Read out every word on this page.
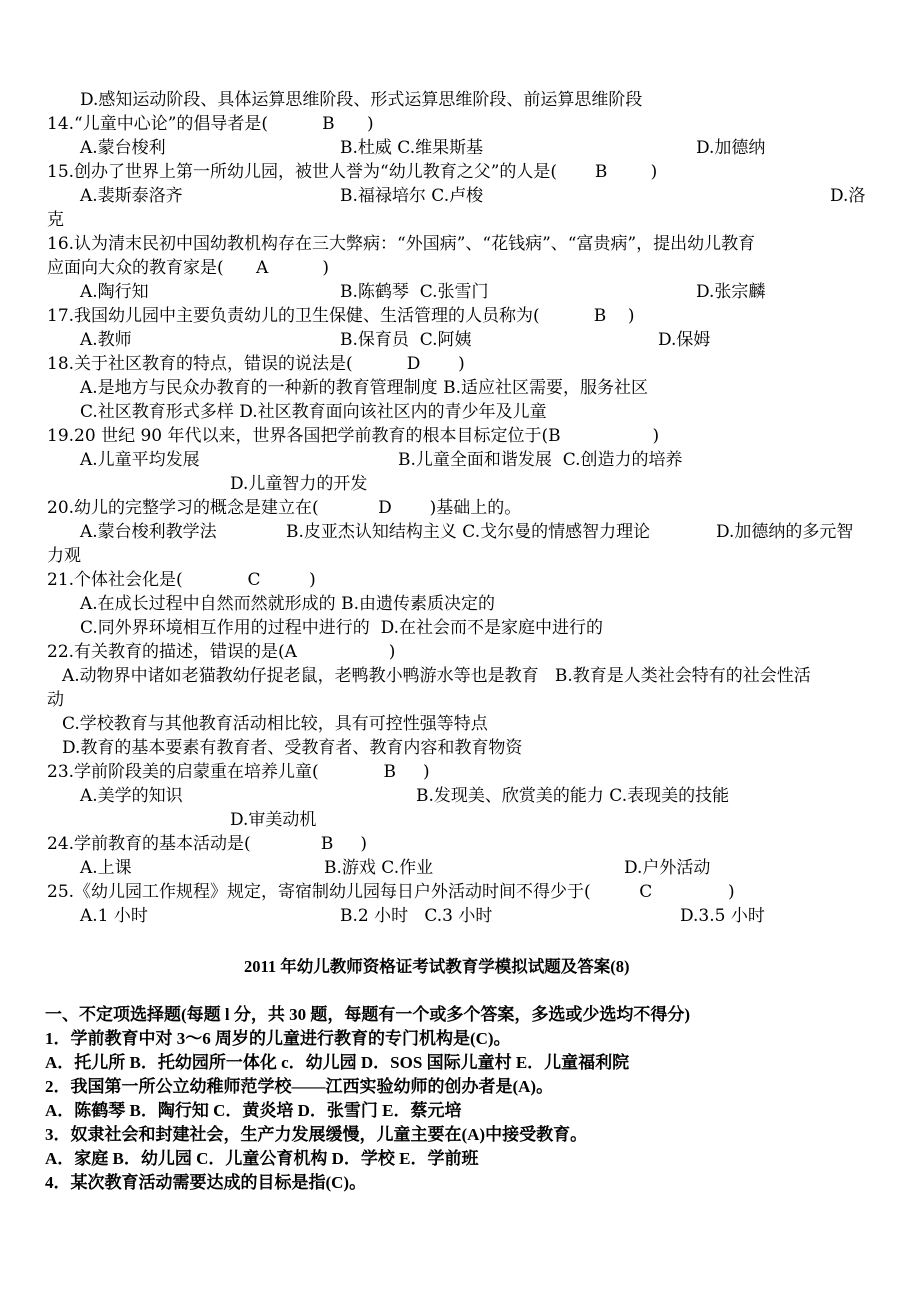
D.感知运动阶段、具体运算思维阶段、形式运算思维阶段、前运算思维阶段
14.“儿童中心论”的倡导者是(          B      )
A.蒙台梭利	B.杜威 C.维果斯基	D.加德纳
15.创办了世界上第一所幼儿园，被世人誉为“幼儿教育之父”的人是(       B        )
A.裴斯泰洛齐	B.福禄培尔 C.卢梭	D.洛
克
16.认为清末民初中国幼教机构存在三大弊病：“外国病”、“花钱病”、“富贵病”，提出幼儿教育
应面向大众的教育家是(      A          )
A.陶行知	B.陈鹤琴  C.张雪门	D.张宗麟
17.我国幼儿园中主要负责幼儿的卫生保健、生活管理的人员称为(          B    )
A.教师	B.保育员  C.阿姨	D.保姆
18.关于社区教育的特点，错误的说法是(          D       )
A.是地方与民众办教育的一种新的教育管理制度 B.适应社区需要，服务社区
C.社区教育形式多样 D.社区教育面向该社区内的青少年及儿童
19.20 世纪 90 年代以来，世界各国把学前教育的根本目标定位于(B                 )
A.儿童平均发展	B.儿童全面和谐发展  C.创造力的培养
D.儿童智力的开发
20.幼儿的完整学习的概念是建立在(           D       )基础上的。
A.蒙台梭利教学法	B.皮亚杰认知结构主义 C.戈尔曼的情感智力理论	D.加德纳的多元智
力观
21.个体社会化是(            C         )
A.在成长过程中自然而然就形成的 B.由遗传素质决定的
C.同外界环境相互作用的过程中进行的  D.在社会而不是家庭中进行的
22.有关教育的描述，错误的是(A                 )
A.动物界中诸如老猫教幼仔捉老鼠，老鸭教小鸭游水等也是教育   B.教育是人类社会特有的社会性活
动
C.学校教育与其他教育活动相比较，具有可控性强等特点
D.教育的基本要素有教育者、受教育者、教育内容和教育物资
23.学前阶段美的启蒙重在培养儿童(            B     )
A.美学的知识	B.发现美、欣赏美的能力 C.表现美的技能
D.审美动机
24.学前教育的基本活动是(             B     )
A.上课	B.游戏 C.作业	D.户外活动
25.《幼儿园工作规程》规定，寄宿制幼儿园每日户外活动时间不得少于(         C              )
A.1 小时	B.2 小时   C.3 小时	D.3.5 小时
2011 年幼儿教师资格证考试教育学模拟试题及答案(8)
一、不定项选择题(每题 l 分，共 30 题，每题有一个或多个答案，多选或少选均不得分)
1．学前教育中对 3～6 周岁的儿童进行教育的专门机构是(C)。
A．托儿所 B．托幼园所一体化 c．幼儿园 D．SOS 国际儿童村 E．儿童福利院
2．我国第一所公立幼稚师范学校——江西实验幼师的创办者是(A)。
A．陈鹤琴 B．陶行知 C．黄炎培 D．张雪门 E．蔡元培
3．奴隶社会和封建社会，生产力发展缓慢，儿童主要在(A)中接受教育。
A．家庭 B．幼儿园 C．儿童公育机构 D．学校 E．学前班
4．某次教育活动需要达成的目标是指(C)。
